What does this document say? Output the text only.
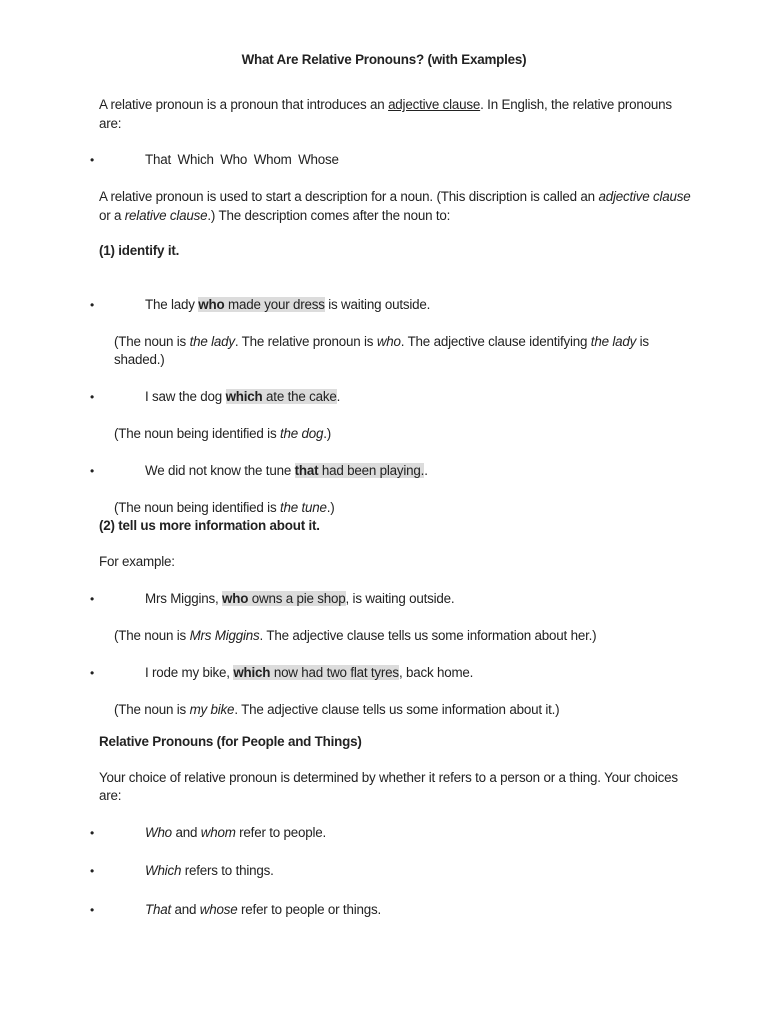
What Are Relative Pronouns? (with Examples)
A relative pronoun is a pronoun that introduces an adjective clause. In English, the relative pronouns
are:
•	That Which Who Whom Whose
A relative pronoun is used to start a description for a noun. (This discription is called an adjective clause
or a relative clause.) The description comes after the noun to:
(1) identify it.
•	The lady who made your dress is waiting outside.
(The noun is the lady. The relative pronoun is who. The adjective clause identifying the lady is
shaded.)
•	I saw the dog which ate the cake.
(The noun being identified is the dog.)
•	We did not know the tune that had been playing..
(The noun being identified is the tune.)
(2) tell us more information about it.
For example:
•	Mrs Miggins, who owns a pie shop, is waiting outside.
(The noun is Mrs Miggins. The adjective clause tells us some information about her.)
•	I rode my bike, which now had two flat tyres, back home.
(The noun is my bike. The adjective clause tells us some information about it.)
Relative Pronouns (for People and Things)
Your choice of relative pronoun is determined by whether it refers to a person or a thing. Your choices
are:
•	Who and whom refer to people.
•	Which refers to things.
•	That and whose refer to people or things.
